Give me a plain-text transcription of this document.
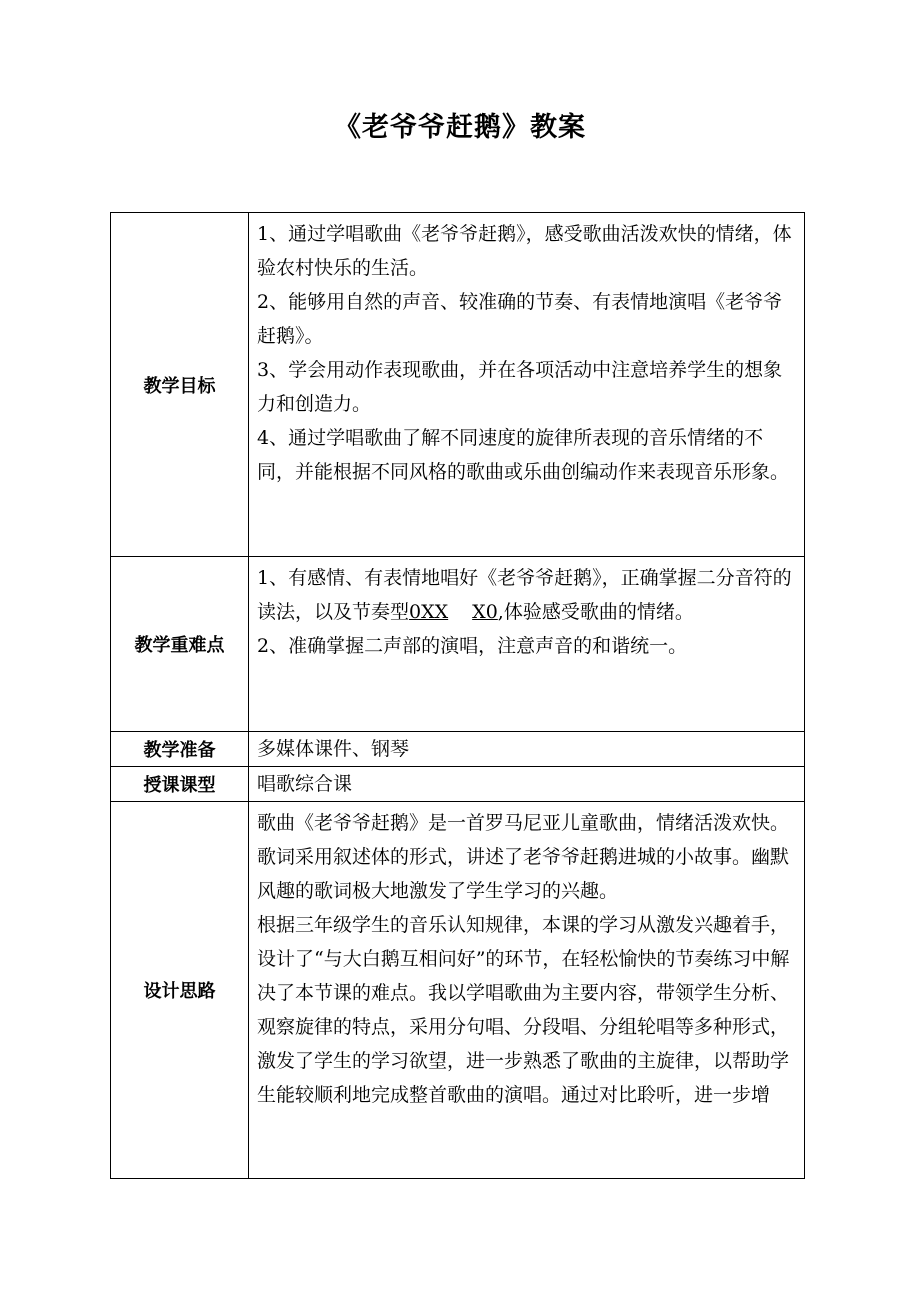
《老爷爷赶鹅》教案
教学目标	1、通过学唱歌曲《老爷爷赶鹅》，感受歌曲活泼欢快的情绪，体验农村快乐的生活。

2、能够用自然的声音、较准确的节奏、有表情地演唱《老爷爷赶鹅》。

3、学会用动作表现歌曲，并在各项活动中注意培养学生的想象力和创造力。

4、通过学唱歌曲了解不同速度的旋律所表现的音乐情绪的不同，并能根据不同风格的歌曲或乐曲创编动作来表现音乐形象。

教学重难点	1、有感情、有表情地唱好《老爷爷赶鹅》，正确掌握二分音符的读法，以及节奏型0XX X0,体验感受歌曲的情绪。

2、准确掌握二声部的演唱，注意声音的和谐统一。

教学准备	多媒体课件、钢琴
授课课型	唱歌综合课
设计思路	歌曲《老爷爷赶鹅》是一首罗马尼亚儿童歌曲，情绪活泼欢快。歌词采用叙述体的形式，讲述了老爷爷赶鹅进城的小故事。幽默风趣的歌词极大地激发了学生学习的兴趣。

根据三年级学生的音乐认知规律，本课的学习从激发兴趣着手，设计了“与大白鹅互相问好”的环节，在轻松愉快的节奏练习中解决了本节课的难点。我以学唱歌曲为主要内容，带领学生分析、观察旋律的特点，采用分句唱、分段唱、分组轮唱等多种形式，激发了学生的学习欲望，进一步熟悉了歌曲的主旋律，以帮助学生能较顺利地完成整首歌曲的演唱。通过对比聆听，进一步增
